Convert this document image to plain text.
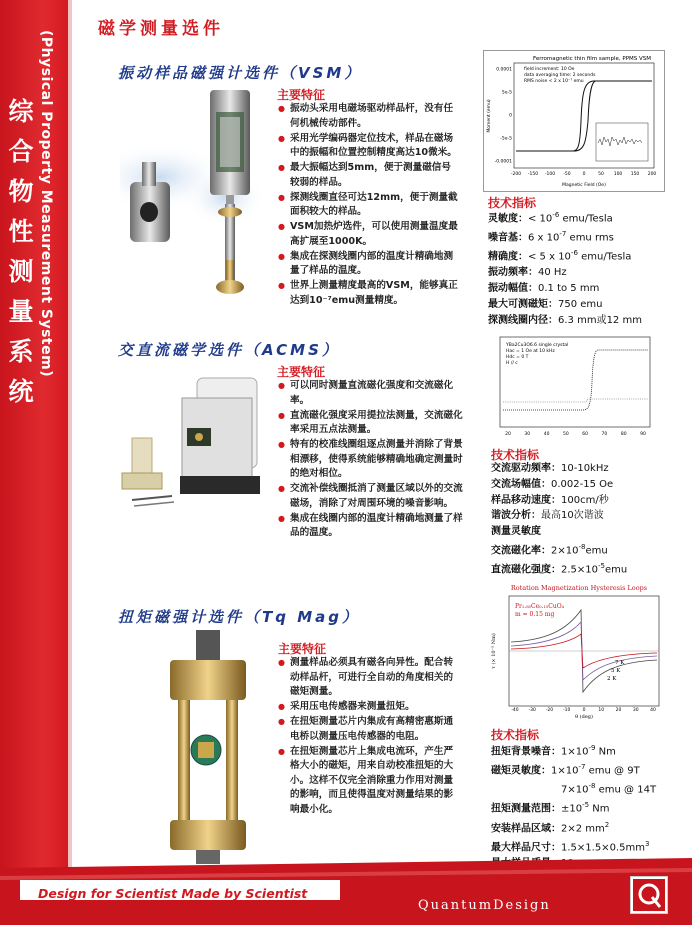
综
合
物
性
测
量
系
统
(Physical Property Measurement System)
磁学测量选件
振动样品磁强计选件（VSM）
主要特征
● 振动头采用电磁场驱动样品杆，没有任何机械传动部件。
● 采用光学编码器定位技术，样品在磁场中的振幅和位置控制精度高达10微米。
● 最大振幅达到5mm，便于测量磁信号较弱的样品。
● 探测线圈直径可达12mm，便于测量截面积较大的样品。
● VSM加热炉选件，可以使用测量温度最高扩展至1000K。
● 集成在探测线圈内部的温度计精确地测量了样品的温度。
● 世界上测量精度最高的VSM，能够真正达到10⁻⁷emu测量精度。
Ferromagnetic thin film sample, PPMS VSM
field increment: 10 Oe
data averaging time: 2 seconds
RMS noise < 2 x 10⁻⁷ emu
Moment (emu)
Magnetic Field (Oe)
0.0001
5e-5
0
-5e-5
-0.0001
-200 -150 -100 -50	0	50 100 150 200
技术指标
灵敏度：< $10^{-6}$ emu/Tesla
噪音基：6 x $10^{-7}$ emu rms
精确度：< 5 x $10^{-6}$ emu/Tesla
振动频率：40 Hz
振动幅值：0.1 to 5 mm
最大可测磁矩：750 emu
探测线圈内径：6.3 mm或12 mm
交直流磁学选件（ACMS）
主要特征
● 可以同时测量直流磁化强度和交流磁化率。
● 直流磁化强度采用提拉法测量，交流磁化率采用五点法测量。
● 特有的校准线圈组逐点测量并消除了背景相漂移，使得系统能够精确地确定测量时的绝对相位。
● 交流补偿线圈抵消了测量区域以外的交流磁场，消除了对周围环境的噪音影响。
● 集成在线圈内部的温度计精确地测量了样品的温度。
YBa2Cu3O6.6 single crystal
Hac = 1 Oe at 10 kHz
Hdc = 0 T
H // c
20	30	40	50	60	70	80	90
技术指标
交流驱动频率：10-10kHz
交流场幅值：0.002-15 Oe
样品移动速度：100cm/秒
谐波分析：最高10次谐波
测量灵敏度
交流磁化率：$2\times 10^{-8}emu$
直流磁化强度：$2.5\times 10^{-5}emu$
扭矩磁强计选件（Tq Mag）
主要特征
● 测量样品必须具有磁各向异性。配合转动样品杆，可进行全自动的角度相关的磁矩测量。
● 采用压电传感器来测量扭矩。
● 在扭矩测量芯片内集成有高精密惠斯通电桥以测量压电传感器的电阻。
● 在扭矩测量芯片上集成电流环，产生严格大小的磁矩，用来自动校准扭矩的大小。这样不仅完全消除重力作用对测量的影响，而且使得温度对测量结果的影响最小化。
Rotation Magnetization Hysteresis Loops
Pr₁.₈₅Ce₀.₁₅CuO₄
m = 0.15 mg
7 K
5 K
2 K
τ (× 10⁻⁵ Nm)
θ (deg)
-40 -30 -20 -10	0	10	20	30	40
技术指标
扭矩背景噪音：$1\times 10^{-9}$ Nm
磁矩灵敏度：$1\times 10^{-7}$ emu @ 9T
$7\times 10^{-8}$ emu @ 14T
扭矩测量范围：$\pm 10^{-5}$ Nm
安装样品区域：2×2 $mm^2$
最大样品尺寸：$1.5\times 1.5\times 0.5mm^3$
Design for Scientist Made by Scientist
QuantumDesign
